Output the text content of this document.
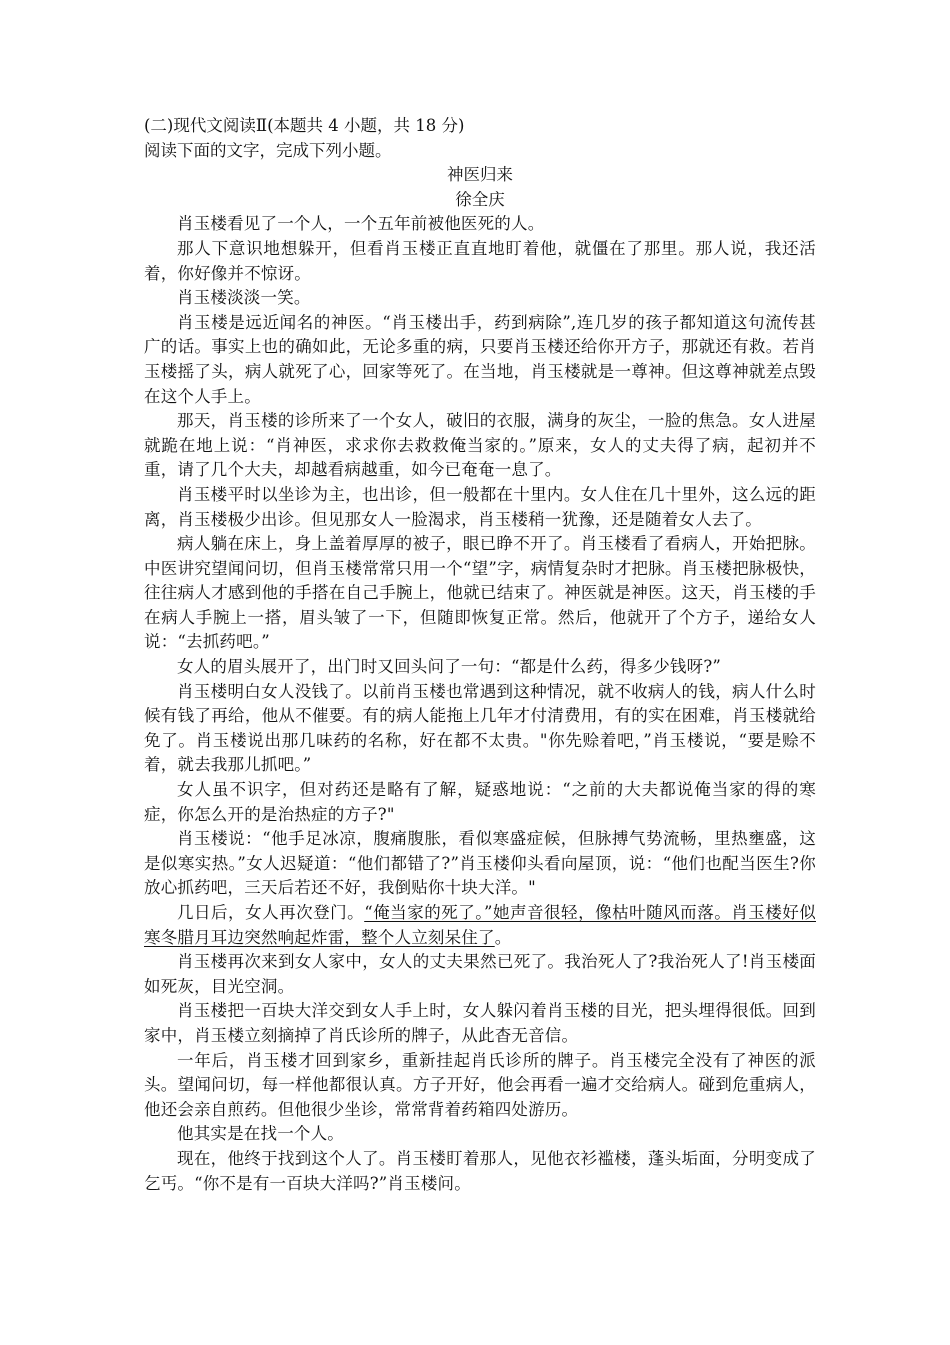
(二)现代文阅读Ⅱ(本题共 4 小题，共 18 分)

阅读下面的文字，完成下列小题。

神医归来

徐全庆

肖玉楼看见了一个人，一个五年前被他医死的人。

那人下意识地想躲开，但看肖玉楼正直直地盯着他，就僵在了那里。那人说，我还活着，你好像并不惊讶。

肖玉楼淡淡一笑。

肖玉楼是远近闻名的神医。“肖玉楼出手，药到病除”,连几岁的孩子都知道这句流传甚广的话。事实上也的确如此，无论多重的病，只要肖玉楼还给你开方子，那就还有救。若肖玉楼摇了头，病人就死了心，回家等死了。在当地，肖玉楼就是一尊神。但这尊神就差点毁在这个人手上。

那天，肖玉楼的诊所来了一个女人，破旧的衣服，满身的灰尘，一脸的焦急。女人进屋就跪在地上说：“肖神医，求求你去救救俺当家的。”原来，女人的丈夫得了病，起初并不重，请了几个大夫，却越看病越重，如今已奄奄一息了。

肖玉楼平时以坐诊为主，也出诊，但一般都在十里内。女人住在几十里外，这么远的距离，肖玉楼极少出诊。但见那女人一脸渴求，肖玉楼稍一犹豫，还是随着女人去了。

病人躺在床上，身上盖着厚厚的被子，眼已睁不开了。肖玉楼看了看病人，开始把脉。中医讲究望闻问切，但肖玉楼常常只用一个“望”字，病情复杂时才把脉。肖玉楼把脉极快，往往病人才感到他的手搭在自己手腕上，他就已结束了。神医就是神医。这天，肖玉楼的手在病人手腕上一搭，眉头皱了一下，但随即恢复正常。然后，他就开了个方子，递给女人说：“去抓药吧。”

女人的眉头展开了，出门时又回头问了一句：“都是什么药，得多少钱呀?”

肖玉楼明白女人没钱了。以前肖玉楼也常遇到这种情况，就不收病人的钱，病人什么时候有钱了再给，他从不催要。有的病人能拖上几年才付清费用，有的实在困难，肖玉楼就给免了。肖玉楼说出那几味药的名称，好在都不太贵。"你先赊着吧，”肖玉楼说，“要是赊不着，就去我那儿抓吧。”

女人虽不识字，但对药还是略有了解，疑惑地说：“之前的大夫都说俺当家的得的寒症，你怎么开的是治热症的方子?"

肖玉楼说：“他手足冰凉，腹痛腹胀，看似寒盛症候，但脉搏气势流畅，里热壅盛，这是似寒实热。”女人迟疑道：“他们都错了?”肖玉楼仰头看向屋顶，说：“他们也配当医生?你放心抓药吧，三天后若还不好，我倒贴你十块大洋。"

几日后，女人再次登门。“俺当家的死了。”她声音很轻，像枯叶随风而落。肖玉楼好似寒冬腊月耳边突然响起炸雷，整个人立刻呆住了。

肖玉楼再次来到女人家中，女人的丈夫果然已死了。我治死人了?我治死人了!肖玉楼面如死灰，目光空洞。

肖玉楼把一百块大洋交到女人手上时，女人躲闪着肖玉楼的目光，把头埋得很低。回到家中，肖玉楼立刻摘掉了肖氏诊所的牌子，从此杳无音信。

一年后，肖玉楼才回到家乡，重新挂起肖氏诊所的牌子。肖玉楼完全没有了神医的派头。望闻问切，每一样他都很认真。方子开好，他会再看一遍才交给病人。碰到危重病人，他还会亲自煎药。但他很少坐诊，常常背着药箱四处游历。

他其实是在找一个人。

现在，他终于找到这个人了。肖玉楼盯着那人，见他衣衫褴楼，蓬头垢面，分明变成了乞丐。“你不是有一百块大洋吗?”肖玉楼问。
